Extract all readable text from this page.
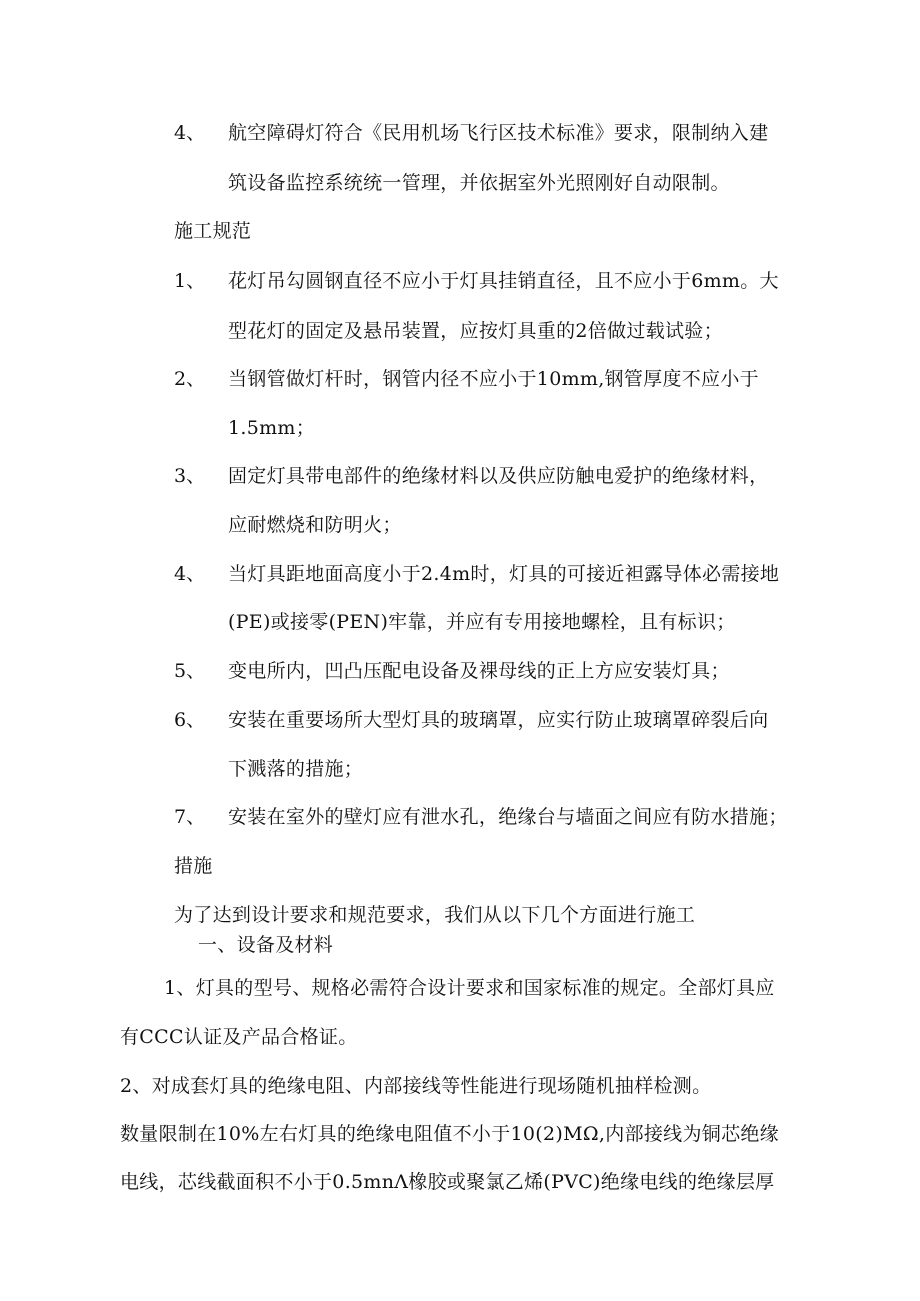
4、 航空障碍灯符合《民用机场飞行区技术标准》要求，限制纳入建
筑设备监控系统统一管理，并依据室外光照刚好自动限制。
施工规范
1、 花灯吊勾圆钢直径不应小于灯具挂销直径，且不应小于6mm。大
型花灯的固定及悬吊装置，应按灯具重的2倍做过载试验；
2、 当钢管做灯杆时，钢管内径不应小于10mm,钢管厚度不应小于
1.5mm；
3、 固定灯具带电部件的绝缘材料以及供应防触电爱护的绝缘材料，
应耐燃烧和防明火；
4、 当灯具距地面高度小于2.4m时，灯具的可接近袒露导体必需接地
(PE)或接零(PEN)牢靠，并应有专用接地螺栓，且有标识；
5、 变电所内，凹凸压配电设备及裸母线的正上方应安装灯具；
6、 安装在重要场所大型灯具的玻璃罩，应实行防止玻璃罩碎裂后向
下溅落的措施；
7、 安装在室外的壁灯应有泄水孔，绝缘台与墙面之间应有防水措施；
措施
为了达到设计要求和规范要求，我们从以下几个方面进行施工
一、设备及材料
1、灯具的型号、规格必需符合设计要求和国家标准的规定。全部灯具应
有CCC认证及产品合格证。
2、对成套灯具的绝缘电阻、内部接线等性能进行现场随机抽样检测。
数量限制在10%左右灯具的绝缘电阻值不小于10(2)MΩ,内部接线为铜芯绝缘
电线，芯线截面积不小于0.5mnΛ橡胶或聚氯乙烯(PVC)绝缘电线的绝缘层厚
